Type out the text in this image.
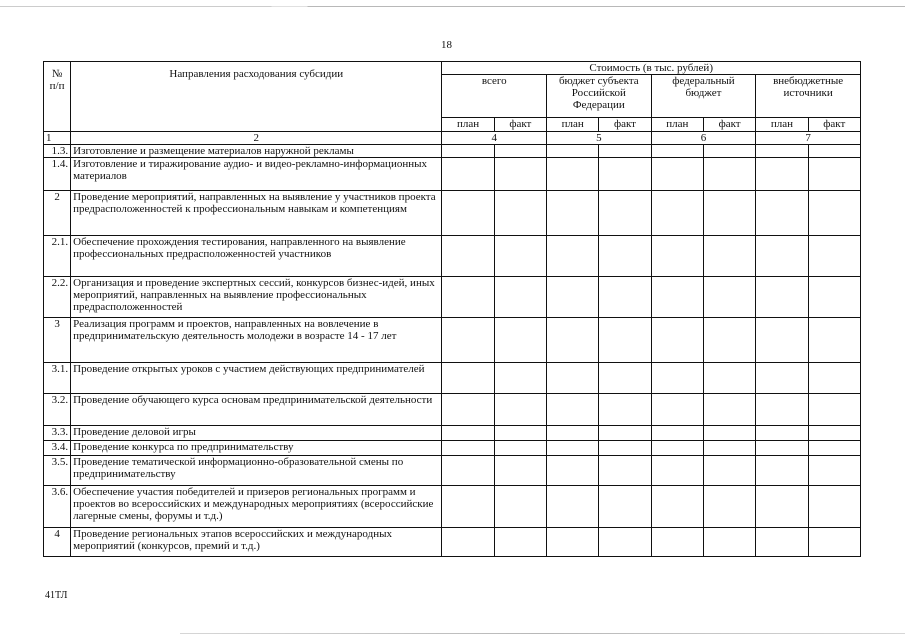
18
№
п/п	Направления расходования субсидии	Стоимость (в тыс. рублей)							
		всего		бюджет субъекта Российской Федерации		федеральный бюджет		внебюджетные источники	
		план	факт	план	факт	план	факт	план	факт
1	2	4		5		6		7	
1.3.	Изготовление и размещение материалов наружной рекламы								
1.4.	Изготовление и тиражирование аудио- и видео-рекламно-информационных материалов								
2	Проведение мероприятий, направленных на выявление у участников проекта предрасположенностей к профессиональным навыкам и компетенциям								
2.1.	Обеспечение прохождения тестирования, направленного на выявление профессиональных предрасположенностей участников								
2.2.	Организация и проведение экспертных сессий, конкурсов бизнес-идей, иных мероприятий, направленных на выявление профессиональных предрасположенностей								
3	Реализация программ и проектов, направленных на вовлечение в предпринимательскую деятельность молодежи в возрасте 14 - 17 лет								
3.1.	Проведение открытых уроков с участием действующих предпринимателей								
3.2.	Проведение обучающего курса основам предпринимательской деятельности								
3.3.	Проведение деловой игры								
3.4.	Проведение конкурса по предпринимательству								
3.5.	Проведение тематической информационно-образовательной смены по предпринимательству								
3.6.	Обеспечение участия победителей и призеров региональных программ и проектов во всероссийских и международных мероприятиях (всероссийские лагерные смены, форумы и т.д.)								
4	Проведение региональных этапов всероссийских и международных мероприятий (конкурсов, премий и т.д.)								
41ТЛ
